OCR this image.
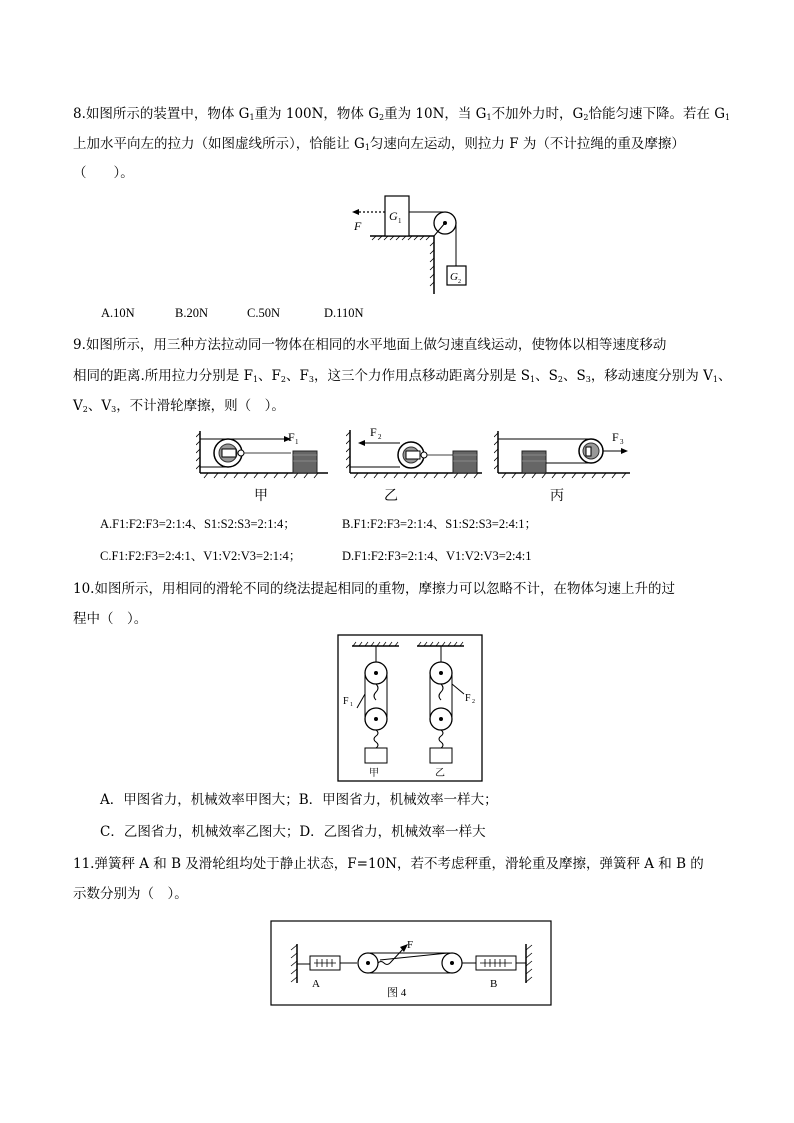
8.如图所示的装置中，物体 $G_1$重为 100N，物体 $G_2$重为 10N，当 $G_1$不加外力时，$G_2$恰能匀速下降。若在 $G_1$
上加水平向左的拉力（如图虚线所示），恰能让 $G_1$匀速向左运动，则拉力 F 为（不计拉绳的重及摩擦）
（　　）。
G 1
F
G 2
A.10N	B.20N	C.50N	D.110N
9.如图所示，用三种方法拉动同一物体在相同的水平地面上做匀速直线运动，使物体以相等速度移动
相同的距离.所用拉力分别是 $F_1$、$F_2$、$F_3$，这三个力作用点移动距离分别是 $S_1$、$S_2$、$S_3$，移动速度分别为 $V_1$、
$V_2$、$V_3$，不计滑轮摩擦，则（　）。
F 1
甲
F 2
乙
F 3
丙
A.F1:F2:F3=2:1:4、S1:S2:S3=2:1:4；	B.F1:F2:F3=2:1:4、S1:S2:S3=2:4:1；
C.F1:F2:F3=2:4:1、V1:V2:V3=2:1:4；	D.F1:F2:F3=2:1:4、V1:V2:V3=2:4:1
10.如图所示，用相同的滑轮不同的绕法提起相同的重物，摩擦力可以忽略不计，在物体匀速上升的过
程中（　）。
F 1
甲
F 2
乙
A．甲图省力，机械效率甲图大；B．甲图省力，机械效率一样大；
C．乙图省力，机械效率乙图大；D．乙图省力，机械效率一样大
11.弹簧秤 A 和 B 及滑轮组均处于静止状态，F=10N，若不考虑秤重，滑轮重及摩擦，弹簧秤 A 和 B 的
示数分别为（　）。
A
F
B
图 4
